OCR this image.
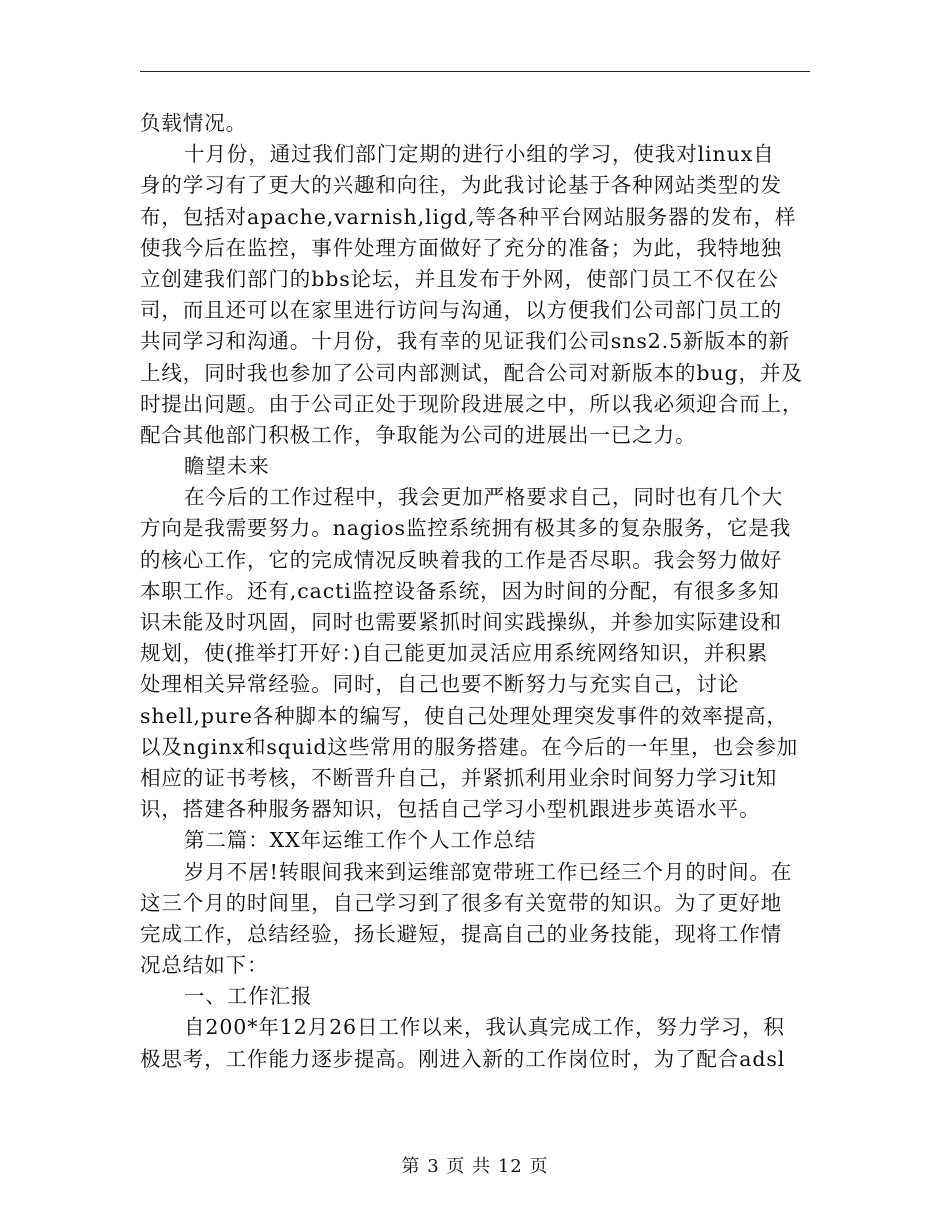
负载情况。
十月份，通过我们部门定期的进行小组的学习，使我对linux自
身的学习有了更大的兴趣和向往，为此我讨论基于各种网站类型的发
布，包括对apache,varnish,ligd,等各种平台网站服务器的发布，样
使我今后在监控，事件处理方面做好了充分的准备；为此，我特地独
立创建我们部门的bbs论坛，并且发布于外网，使部门员工不仅在公
司，而且还可以在家里进行访问与沟通，以方便我们公司部门员工的
共同学习和沟通。十月份，我有幸的见证我们公司sns2.5新版本的新
上线，同时我也参加了公司内部测试，配合公司对新版本的bug，并及
时提出问题。由于公司正处于现阶段进展之中，所以我必须迎合而上，
配合其他部门积极工作，争取能为公司的进展出一已之力。
瞻望未来
在今后的工作过程中，我会更加严格要求自己，同时也有几个大
方向是我需要努力。nagios监控系统拥有极其多的复杂服务，它是我
的核心工作，它的完成情况反映着我的工作是否尽职。我会努力做好
本职工作。还有,cacti监控设备系统，因为时间的分配，有很多多知
识未能及时巩固，同时也需要紧抓时间实践操纵，并参加实际建设和
规划，使(推举打开好：)自己能更加灵活应用系统网络知识，并积累
处理相关异常经验。同时，自己也要不断努力与充实自己，讨论
shell,pure各种脚本的编写，使自己处理处理突发事件的效率提高，
以及nginx和squid这些常用的服务搭建。在今后的一年里，也会参加
相应的证书考核，不断晋升自己，并紧抓利用业余时间努力学习it知
识，搭建各种服务器知识，包括自己学习小型机跟进步英语水平。
第二篇：XX年运维工作个人工作总结
岁月不居!转眼间我来到运维部宽带班工作已经三个月的时间。在
这三个月的时间里，自己学习到了很多有关宽带的知识。为了更好地
完成工作，总结经验，扬长避短，提高自己的业务技能，现将工作情
况总结如下：
一、工作汇报
自200*年12月26日工作以来，我认真完成工作，努力学习，积
极思考，工作能力逐步提高。刚进入新的工作岗位时，为了配合adsl
第 3 页 共 12 页
